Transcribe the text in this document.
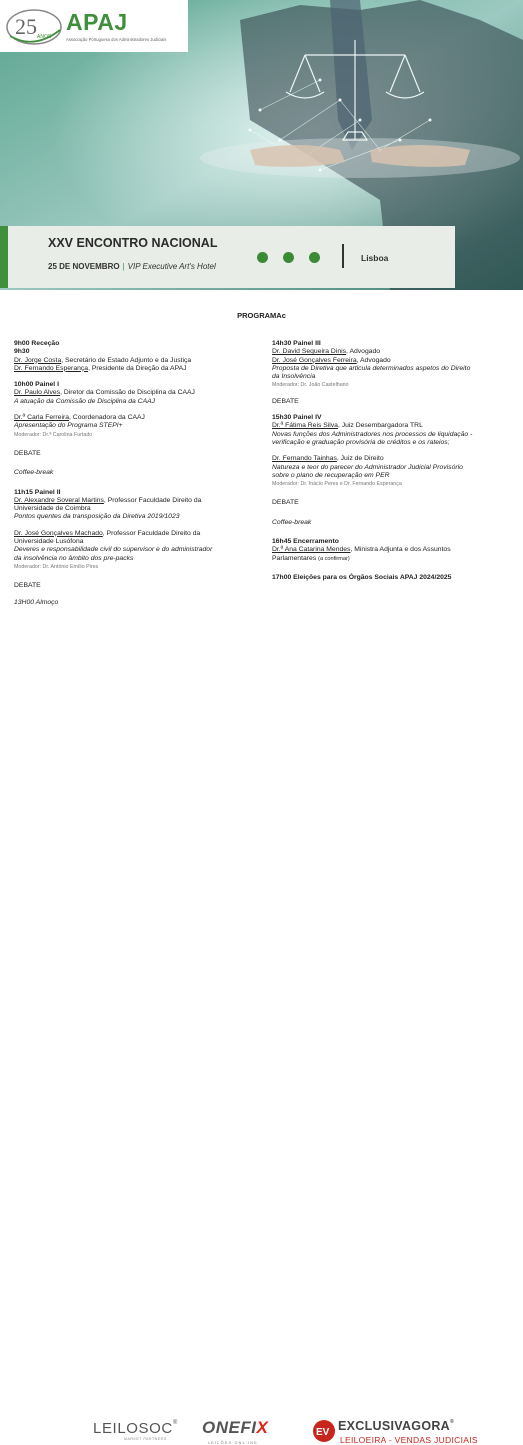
25 ANOS
APAJ
Associação Portuguesa dos Administradores Judiciais
XXV ENCONTRO NACIONAL
25 DE NOVEMBRO | VIP Executive Art's Hotel
Lisboa
PROGRAMAc

9h00 Receção

9h30

Dr. Jorge Costa, Secretário de Estado Adjunto e da Justiça

Dr. Fernando Esperança, Presidente da Direção da APAJ

10h00 Painel I

Dr. Paulo Alves, Diretor da Comissão de Disciplina da CAAJ

A atuação da Comissão de Disciplina da CAAJ

Dr.ª Carla Ferreira, Coordenadora da CAAJ

Apresentação do Programa STEPI+

Moderador: Dr.ª Carolina Furtado

DEBATE

Coffee-break

11h15 Painel II

Dr. Alexandre Soveral Martins, Professor Faculdade Direito da

Universidade de Coimbra

Pontos quentes da transposição da Diretiva 2019/1023

Dr. José Gonçalves Machado, Professor Faculdade Direito da

Universidade Lusófona

Deveres e responsabilidade civil do supervisor e do administrador

da insolvência no âmbito dos pre-packs

Moderador: Dr. António Emílio Pires

DEBATE

13H00 Almoço

14h30 Painel III

Dr. David Sequeira Dinis, Advogado

Dr. José Gonçalves Ferreira, Advogado

Proposta de Diretiva que articula determinados aspetos do Direito

da Insolvência

Moderador: Dr. João Castelhano

DEBATE

15h30 Painel IV

Dr.ª Fátima Reis Silva, Juiz Desembargadora TRL

Novas funções dos Administradores nos processos de liquidação -

verificação e graduação provisória de créditos e os rateios;

Dr. Fernando Tainhas, Juiz de Direito

Natureza e teor do parecer do Administrador Judicial Provisório

sobre o plano de recuperação em PER

Moderador: Dr. Inácio Peres e Dr. Fernando Esperança

DEBATE

Coffee-break

16h45 Encerramento

Dr.ª Ana Catarina Mendes, Ministra Adjunta e dos Assuntos

Parlamentares (a confirmar)

17h00 Eleições para os Órgãos Sociais APAJ 2024/2025

LEILOSOC®
MARKET PARTNERS
ONEFIX
LEILÕES ONL INE
EV EXCLUSIVAGORA®
LEILOEIRA - VENDAS JUDICIAIS
